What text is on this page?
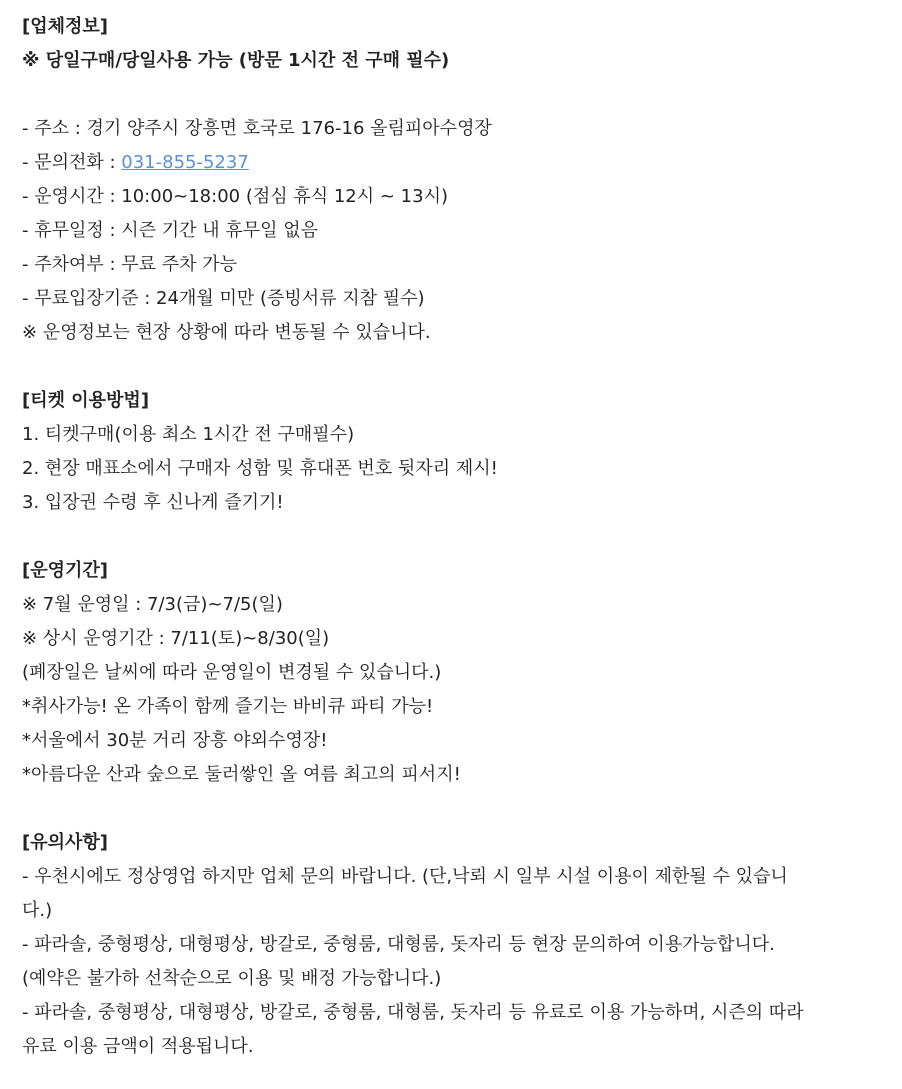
[업체정보]
※ 당일구매/당일사용 가능 (방문 1시간 전 구매 필수)
- 주소 : 경기 양주시 장흥면 호국로 176-16 올림피아수영장
- 문의전화 : 031-855-5237
- 운영시간 : 10:00~18:00 (점심 휴식 12시 ~ 13시)
- 휴무일정 : 시즌 기간 내 휴무일 없음
- 주차여부 : 무료 주차 가능
- 무료입장기준 : 24개월 미만 (증빙서류 지참 필수)
※ 운영정보는 현장 상황에 따라 변동될 수 있습니다.
[티켓 이용방법]
1. 티켓구매(이용 최소 1시간 전 구매필수)
2. 현장 매표소에서 구매자 성함 및 휴대폰 번호 뒷자리 제시!
3. 입장권 수령 후 신나게 즐기기!
[운영기간]
※ 7월 운영일 : 7/3(금)~7/5(일)
※ 상시 운영기간 : 7/11(토)~8/30(일)
(폐장일은 날씨에 따라 운영일이 변경될 수 있습니다.)
*취사가능! 온 가족이 함께 즐기는 바비큐 파티 가능!
*서울에서 30분 거리 장흥 야외수영장!
*아름다운 산과 숲으로 둘러쌓인 올 여름 최고의 피서지!
[유의사항]
- 우천시에도 정상영업 하지만 업체 문의 바랍니다. (단,낙뢰 시 일부 시설 이용이 제한될 수 있습니
다.)
- 파라솔, 중형평상, 대형평상, 방갈로, 중형룸, 대형룸, 돗자리 등 현장 문의하여 이용가능합니다.
(예약은 불가하 선착순으로 이용 및 배정 가능합니다.)
- 파라솔, 중형평상, 대형평상, 방갈로, 중형룸, 대형룸, 돗자리 등 유료로 이용 가능하며, 시즌의 따라
유료 이용 금액이 적용됩니다.
